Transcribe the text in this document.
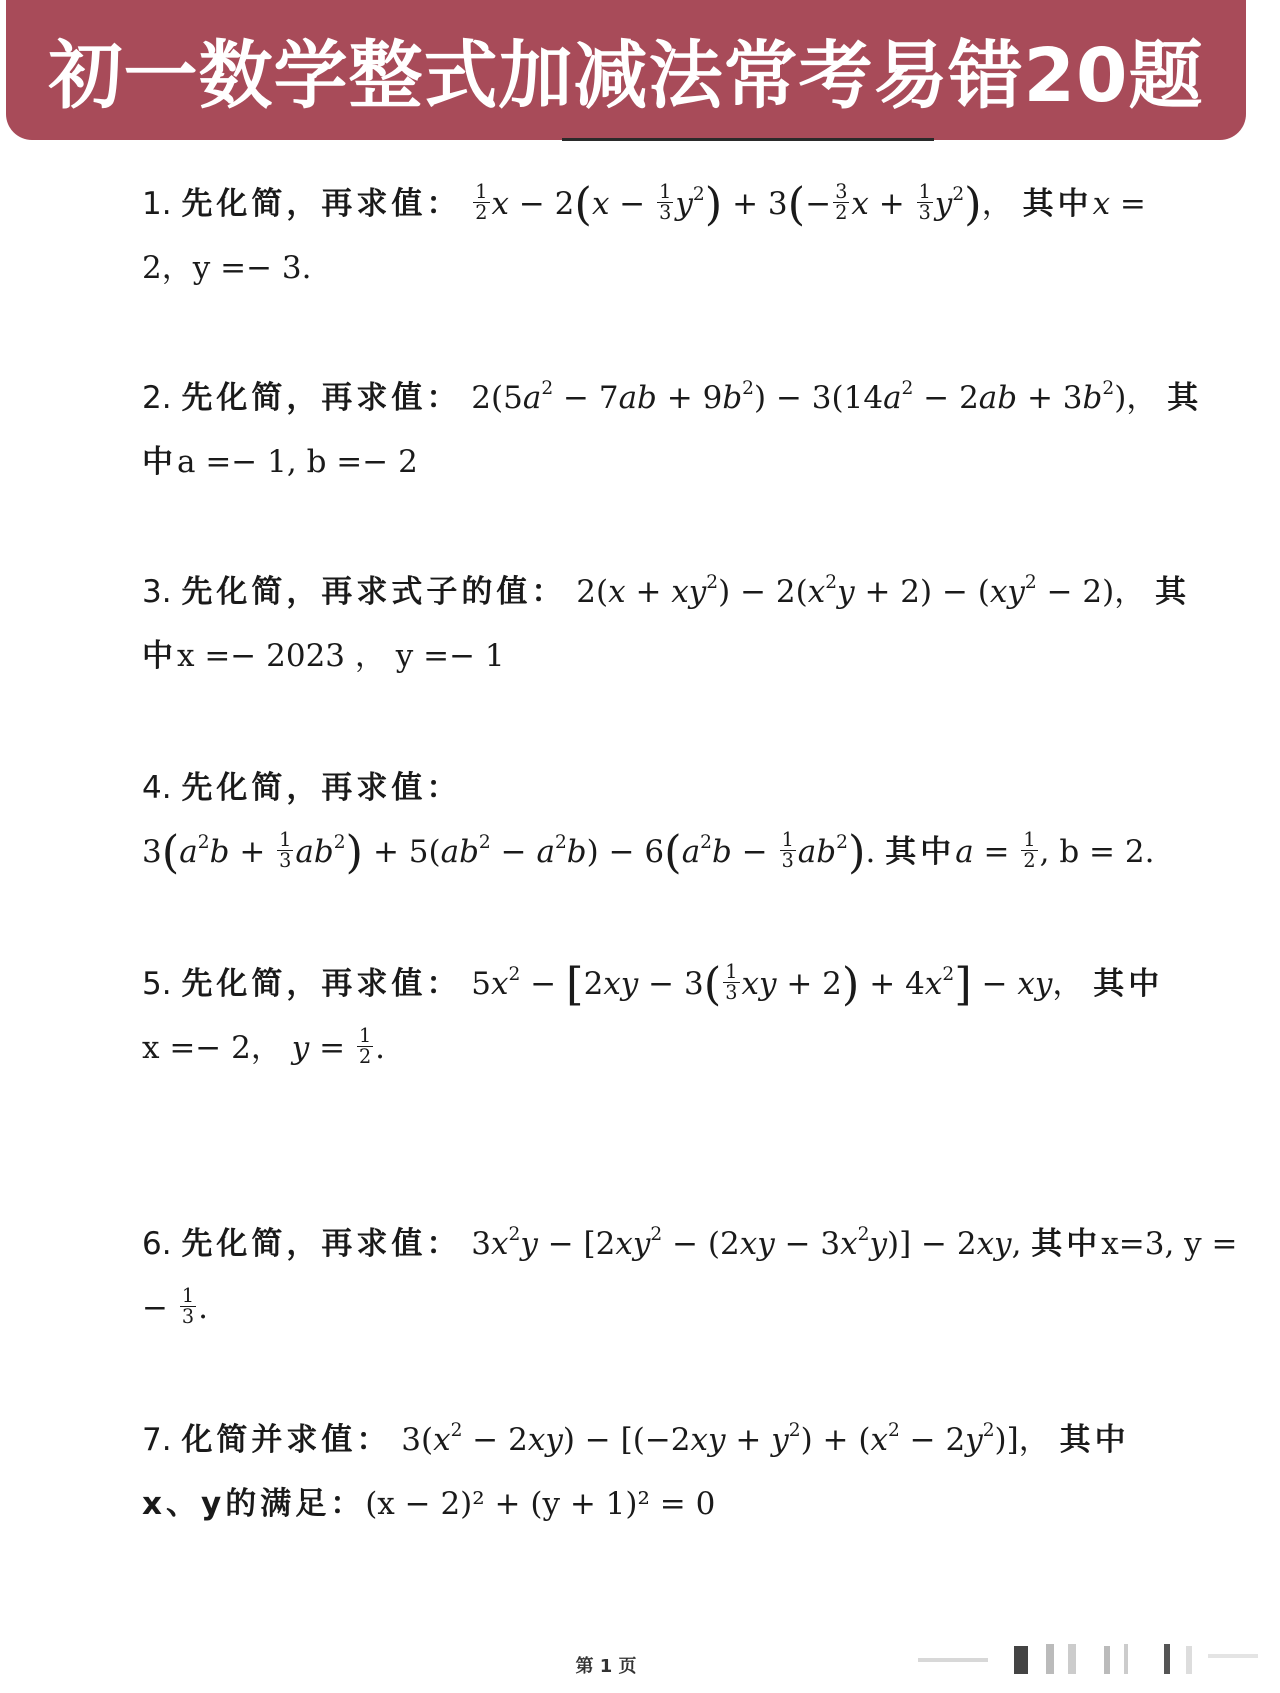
初一数学整式加减法常考易错20题
1. 先化简，再求值： $\frac{1}{2}$ $x - 2(x - \frac{1}{3} y^2) + 3(- \frac{3}{2}$ $x + \frac{1}{3} y^2$)， 其中x =
2，y =− 3.
2. 先化简，再求值： $2(5a^2 - 7ab + 9b^2) - 3(14a^2 - 2ab + 3b^2)$， 其
中a =− 1, b =− 2
3. 先化简，再求式子的值： $2(x + xy^2) - 2(x^2y + 2) - (xy^2 - 2)$， 其
中x =− 2023 ， y =− 1
4. 先化简，再求值：
$3(a^2b + \frac{1}{3} ab^2) + 5(ab^2 - a^2b) - 6(a^2b - \frac{1}{3} ab^2)$. 其中$a = \frac{1}{2}$ , b = 2.
5. 先化简，再求值： $5x^2 - [2xy - 3( \frac{1}{3}$ xy + $2) + 4x^2$] − xy， 其中
x =− 2， $y = \frac{1}{2}$ .
6. 先化简，再求值： $3x^2y - [2xy^2 - (2xy - 3x^2y)] - 2xy$, 其中x=3, y =
− $\frac{1}{3}$ .
7. 化简并求值： $3(x^2 - 2xy) - [(-2xy + y^2) + (x^2 - 2y^2)]$， 其中
x、y的满足：(x − 2)² + (y + 1)² = 0
第 1 页
